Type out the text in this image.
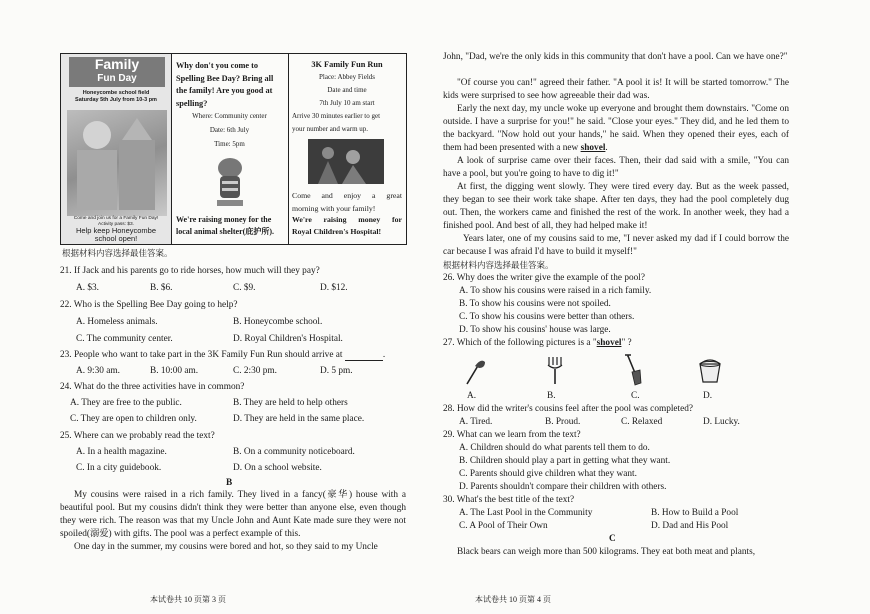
Family
Fun Day
Honeycombe school field
Saturday 5th July from 10-3 pm
Come and join us for a Family Fun Day!
Activity pass: $3.
Help keep Honeycombe
school open!
Why don't you come to
Spelling Bee Day? Bring all
the family! Are you good at
spelling?
Where: Community center
Date: 6th July
Time: 5pm
We're raising money for the
local animal shelter(庇护所).
3K Family Fun Run
Place: Abbey Fields
Date and time
7th July 10 am start
Arrive 30 minutes earlier to get
your number and warm up.
Come and enjoy a great
morning with your family!
We're raising money for
Royal Children's Hospital!
根据材料内容选择最佳答案。
21. If Jack and his parents go to ride horses, how much will they pay?
A. $3.	B. $6.	C. $9.	D. $12.
22. Who is the Spelling Bee Day going to help?
A. Homeless animals.	B. Honeycombe school.
C. The community center.	D. Royal Children's Hospital.
23. People who want to take part in the 3K Family Fun Run should arrive at	.
A. 9:30 am.	B. 10:00 am.	C. 2:30 pm.	D. 5 pm.
24. What do the three activities have in common?
A. They are free to the public.	B. They are held to help others
C. They are open to children only.	D. They are held in the same place.
25. Where can we probably read the text?
A. In a health magazine.	B. On a community noticeboard.
C. In a city guidebook.	D. On a school website.
B
My cousins were raised in a rich family. They lived in a fancy(豪华) house with a beautiful pool. But my cousins didn't think they were better than anyone else, even though they were rich. The reason was that my Uncle John and Aunt Kate made sure they were not spoiled(溺爱) with gifts. The pool was a perfect example of this.
One day in the summer, my cousins were bored and hot, so they said to my Uncle
本试卷共 10 页第 3 页
John, "Dad, we're the only kids in this community that don't have a pool. Can we have one?"
"Of course you can!" agreed their father. "A pool it is! It will be started tomorrow." The kids were surprised to see how agreeable their dad was.
Early the next day, my uncle woke up everyone and brought them downstairs. "Come on outside. I have a surprise for you!" he said. "Close your eyes." They did, and he led them to the backyard. "Now hold out your hands," he said. When they opened their eyes, each of them had been presented with a new shovel.
A look of surprise came over their faces. Then, their dad said with a smile, "You can have a pool, but you're going to have to dig it!"
At first, the digging went slowly. They were tired every day. But as the week passed, they began to see their work take shape. After ten days, they had the pool completely dug out. Then, the workers came and finished the rest of the work. In another week, they had a finished pool. And best of all, they had helped make it!
Years later, one of my cousins said to me, "I never asked my dad if I could borrow the car because I was afraid I'd have to build it myself!"
根据材料内容选择最佳答案。
26. Why does the writer give the example of the pool?
A. To show his cousins were raised in a rich family.
B. To show his cousins were not spoiled.
C. To show his cousins were better than others.
D. To show his cousins' house was large.
27. Which of the following pictures is a "shovel" ?
A.	B.	C.	D.
28. How did the writer's cousins feel after the pool was completed?
A. Tired.	B. Proud.	C. Relaxed	D. Lucky.
29. What can we learn from the text?
A. Children should do what parents tell them to do.
B. Children should play a part in getting what they want.
C. Parents should give children what they want.
D. Parents shouldn't compare their children with others.
30. What's the best title of the text?
A. The Last Pool in the Community	B. How to Build a Pool
C. A Pool of Their Own	D. Dad and His Pool
C
Black bears can weigh more than 500 kilograms. They eat both meat and plants,
本试卷共 10 页第 4 页
